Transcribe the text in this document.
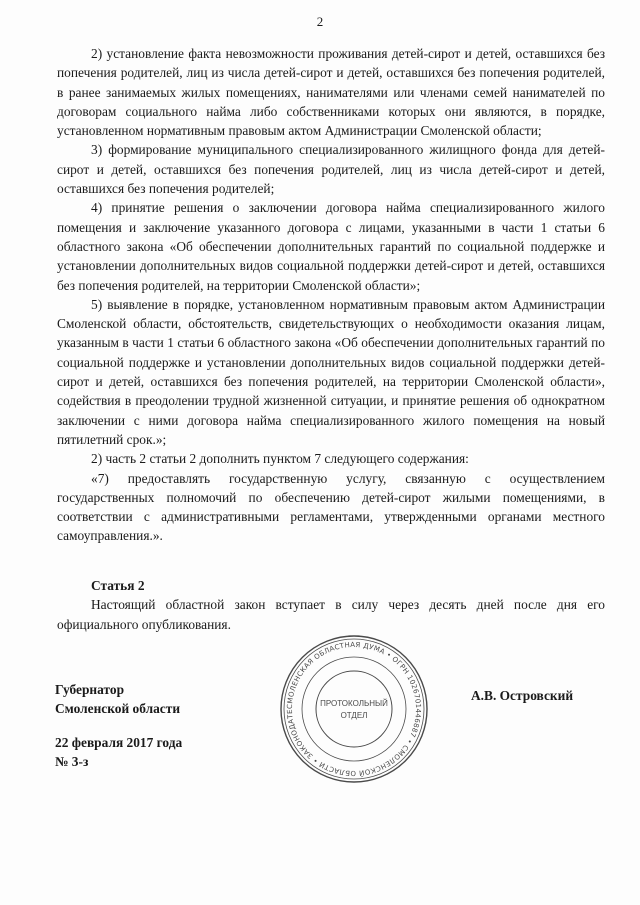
2

2) установление факта невозможности проживания детей-сирот и детей, оставшихся без попечения родителей, лиц из числа детей-сирот и детей, оставшихся без попечения родителей, в ранее занимаемых жилых помещениях, нанимателями или членами семей нанимателей по договорам социального найма либо собственниками которых они являются, в порядке, установленном нормативным правовым актом Администрации Смоленской области;

3) формирование муниципального специализированного жилищного фонда для детей-сирот и детей, оставшихся без попечения родителей, лиц из числа детей-сирот и детей, оставшихся без попечения родителей;

4) принятие решения о заключении договора найма специализированного жилого помещения и заключение указанного договора с лицами, указанными в части 1 статьи 6 областного закона «Об обеспечении дополнительных гарантий по социальной поддержке и установлении дополнительных видов социальной поддержки детей-сирот и детей, оставшихся без попечения родителей, на территории Смоленской области»;

5) выявление в порядке, установленном нормативным правовым актом Администрации Смоленской области, обстоятельств, свидетельствующих о необходимости оказания лицам, указанным в части 1 статьи 6 областного закона «Об обеспечении дополнительных гарантий по социальной поддержке и установлении дополнительных видов социальной поддержки детей-сирот и детей, оставшихся без попечения родителей, на территории Смоленской области», содействия в преодолении трудной жизненной ситуации, и принятие решения об однократном заключении с ними договора найма специализированного жилого помещения на новый пятилетний срок.»;

2) часть 2 статьи 2 дополнить пунктом 7 следующего содержания:

«7) предоставлять государственную услугу, связанную с осуществлением государственных полномочий по обеспечению детей-сирот жилыми помещениями, в соответствии с административными регламентами, утвержденными органами местного самоуправления.».

Статья 2

Настоящий областной закон вступает в силу через десять дней после дня его официального опубликования.

Губернатор
Смоленской области
22 февраля 2017 года
№ 3-з
А.В. Островский
СМОЛЕНСКАЯ ОБЛАСТНАЯ ДУМА • ОГРН 1026701446887 • СМОЛЕНСКОЙ ОБЛАСТИ • ЗАКОНОДАТЕ
ПРОТОКОЛЬНЫЙ
ОТДЕЛ
